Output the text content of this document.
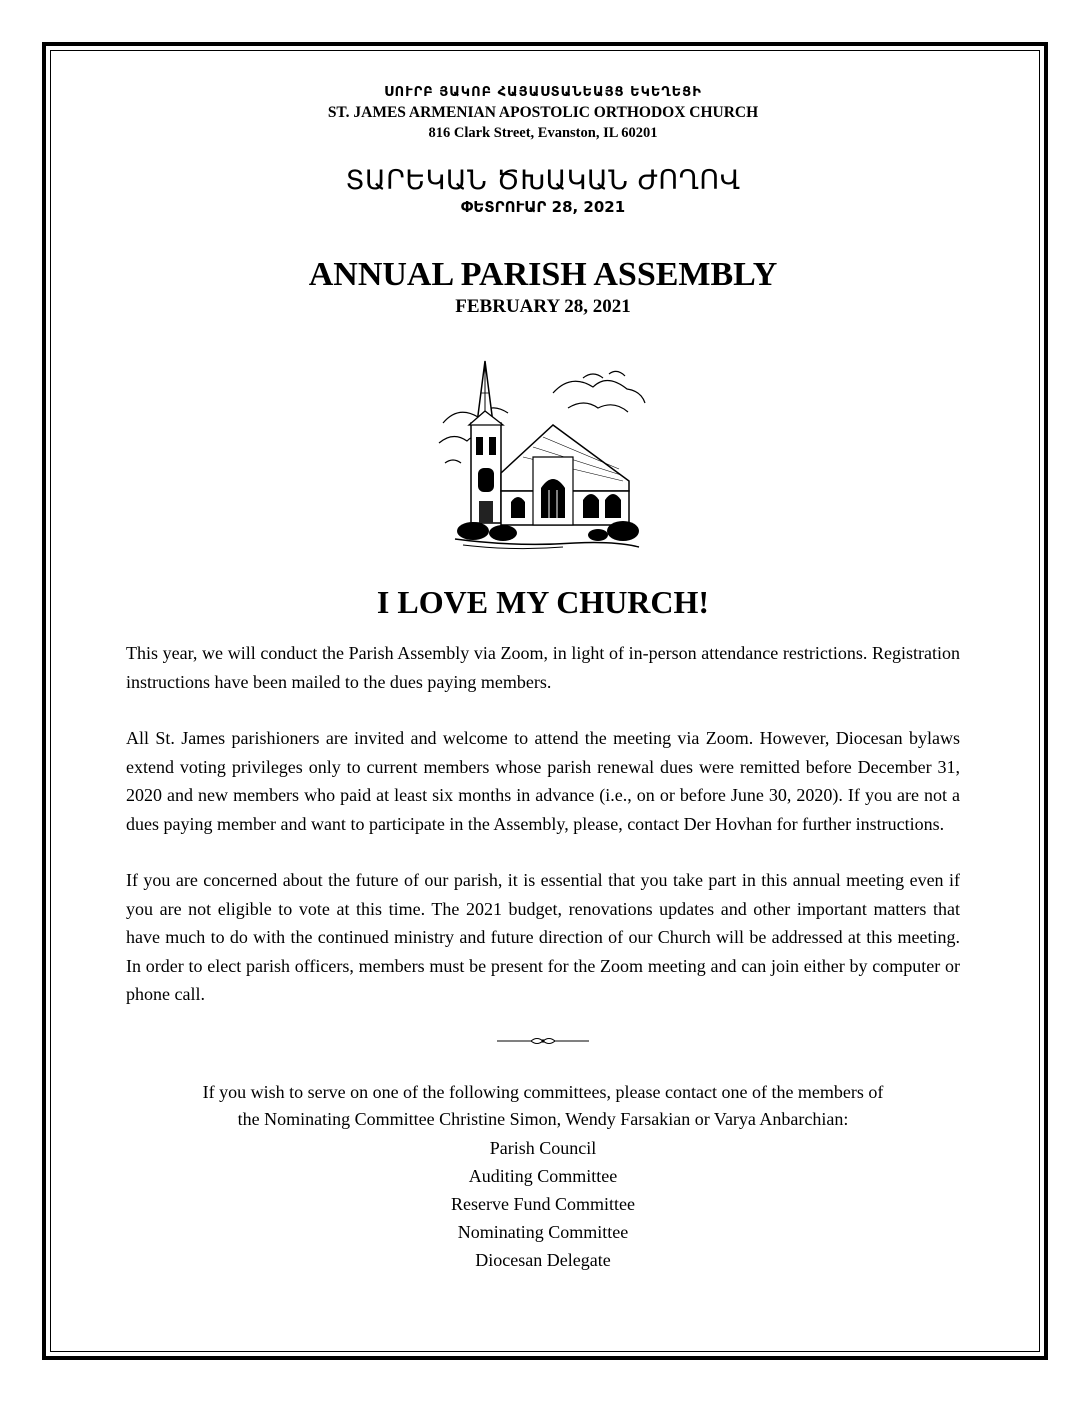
ՍՈՒՐԲ ՅԱԿՈԲ ՀԱՅԱՍՏԱՆԵԱՅՑ ԵԿԵՂԵՑԻ
ST. JAMES ARMENIAN APOSTOLIC ORTHODOX CHURCH
816 Clark Street, Evanston, IL 60201
ՏԱՐԵԿԱՆ ԾԽԱԿԱՆ ԺՈՂՈՎ
ՓԵՏՐՈՒԱՐ 28, 2021
ANNUAL PARISH ASSEMBLY
FEBRUARY 28, 2021
I LOVE MY CHURCH!

This year, we will conduct the Parish Assembly via Zoom, in light of in-person attendance restrictions. Registration instructions have been mailed to the dues paying members.

All St. James parishioners are invited and welcome to attend the meeting via Zoom. However, Diocesan bylaws extend voting privileges only to current members whose parish renewal dues were remitted before December 31, 2020 and new members who paid at least six months in advance (i.e., on or before June 30, 2020). If you are not a dues paying member and want to participate in the Assembly, please, contact Der Hovhan for further instructions.

If you are concerned about the future of our parish, it is essential that you take part in this annual meeting even if you are not eligible to vote at this time. The 2021 budget, renovations updates and other important matters that have much to do with the continued ministry and future direction of our Church will be addressed at this meeting. In order to elect parish officers, members must be present for the Zoom meeting and can join either by computer or phone call.

If you wish to serve on one of the following committees, please contact one of the members of
the Nominating Committee Christine Simon, Wendy Farsakian or Varya Anbarchian:
Parish Council
Auditing Committee
Reserve Fund Committee
Nominating Committee
Diocesan Delegate
